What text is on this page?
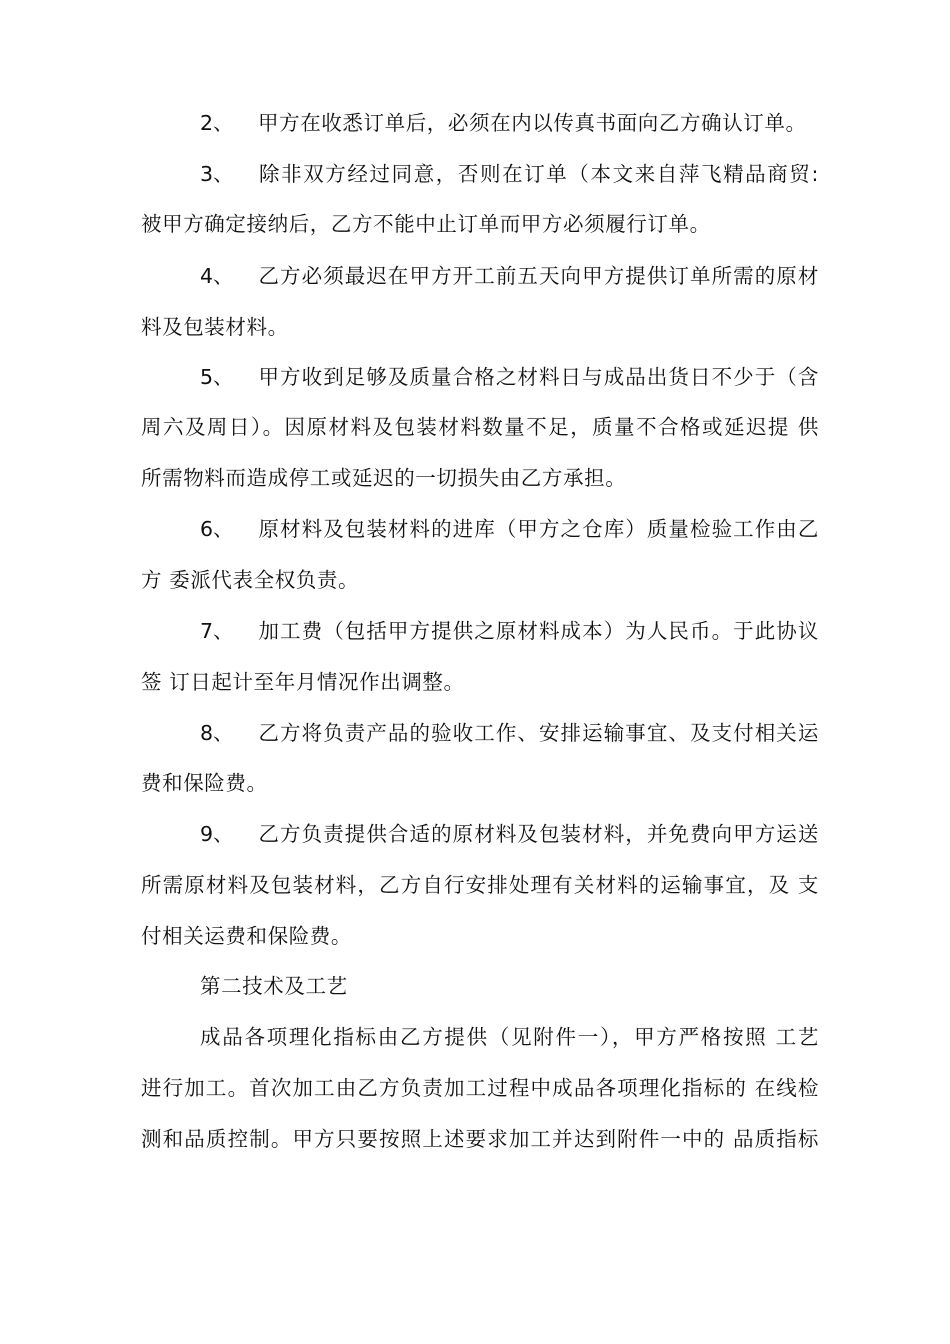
2、 甲方在收悉订单后，必须在内以传真书面向乙方确认订单。
3、 除非双方经过同意，否则在订单（本文来自萍飞精品商贸:
被甲方确定接纳后，乙方不能中止订单而甲方必须履行订单。
4、 乙方必须最迟在甲方开工前五天向甲方提供订单所需的原材
料及包装材料。
5、 甲方收到足够及质量合格之材料日与成品出货日不少于（含
周六及周日）。因原材料及包装材料数量不足，质量不合格或延迟提 供
所需物料而造成停工或延迟的一切损失由乙方承担。
6、 原材料及包装材料的进库（甲方之仓库）质量检验工作由乙
方 委派代表全权负责。
7、 加工费（包括甲方提供之原材料成本）为人民币。于此协议
签 订日起计至年月情况作出调整。
8、 乙方将负责产品的验收工作、安排运输事宜、及支付相关运
费和保险费。
9、 乙方负责提供合适的原材料及包装材料，并免费向甲方运送
所需原材料及包装材料，乙方自行安排处理有关材料的运输事宜，及 支
付相关运费和保险费。
第二技术及工艺
成品各项理化指标由乙方提供（见附件一），甲方严格按照 工艺
进行加工。首次加工由乙方负责加工过程中成品各项理化指标的 在线检
测和品质控制。甲方只要按照上述要求加工并达到附件一中的 品质指标
